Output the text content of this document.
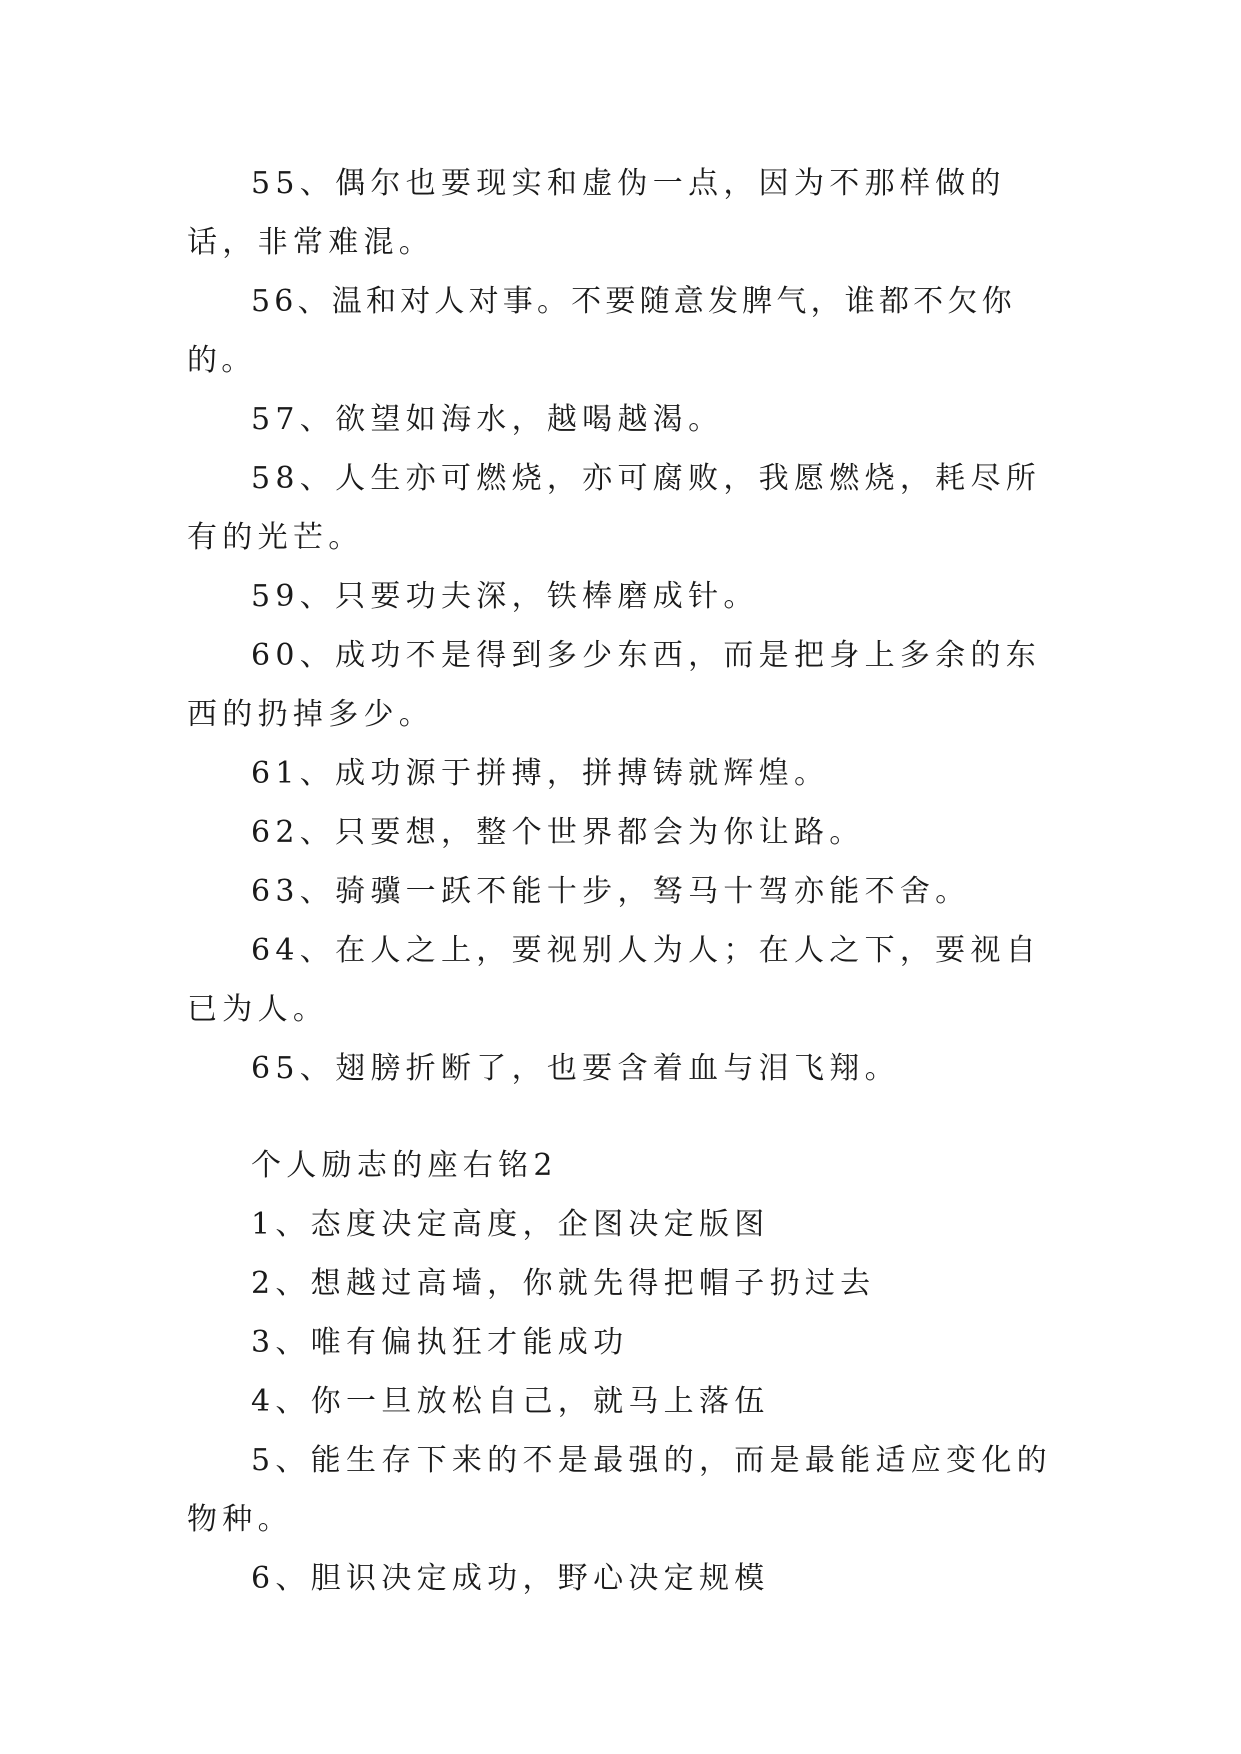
55、偶尔也要现实和虚伪一点，因为不那样做的话，非常难混。

56、温和对人对事。不要随意发脾气，谁都不欠你的。

57、欲望如海水，越喝越渴。

58、人生亦可燃烧，亦可腐败，我愿燃烧，耗尽所有的光芒。

59、只要功夫深，铁棒磨成针。

60、成功不是得到多少东西，而是把身上多余的东西的扔掉多少。

61、成功源于拼搏，拼搏铸就辉煌。

62、只要想，整个世界都会为你让路。

63、骑骥一跃不能十步，驽马十驾亦能不舍。

64、在人之上，要视别人为人；在人之下，要视自已为人。

65、翅膀折断了，也要含着血与泪飞翔。

个人励志的座右铭2

1、态度决定高度，企图决定版图

2、想越过高墙，你就先得把帽子扔过去

3、唯有偏执狂才能成功

4、你一旦放松自己，就马上落伍

5、能生存下来的不是最强的，而是最能适应变化的物种。

6、胆识决定成功，野心决定规模
